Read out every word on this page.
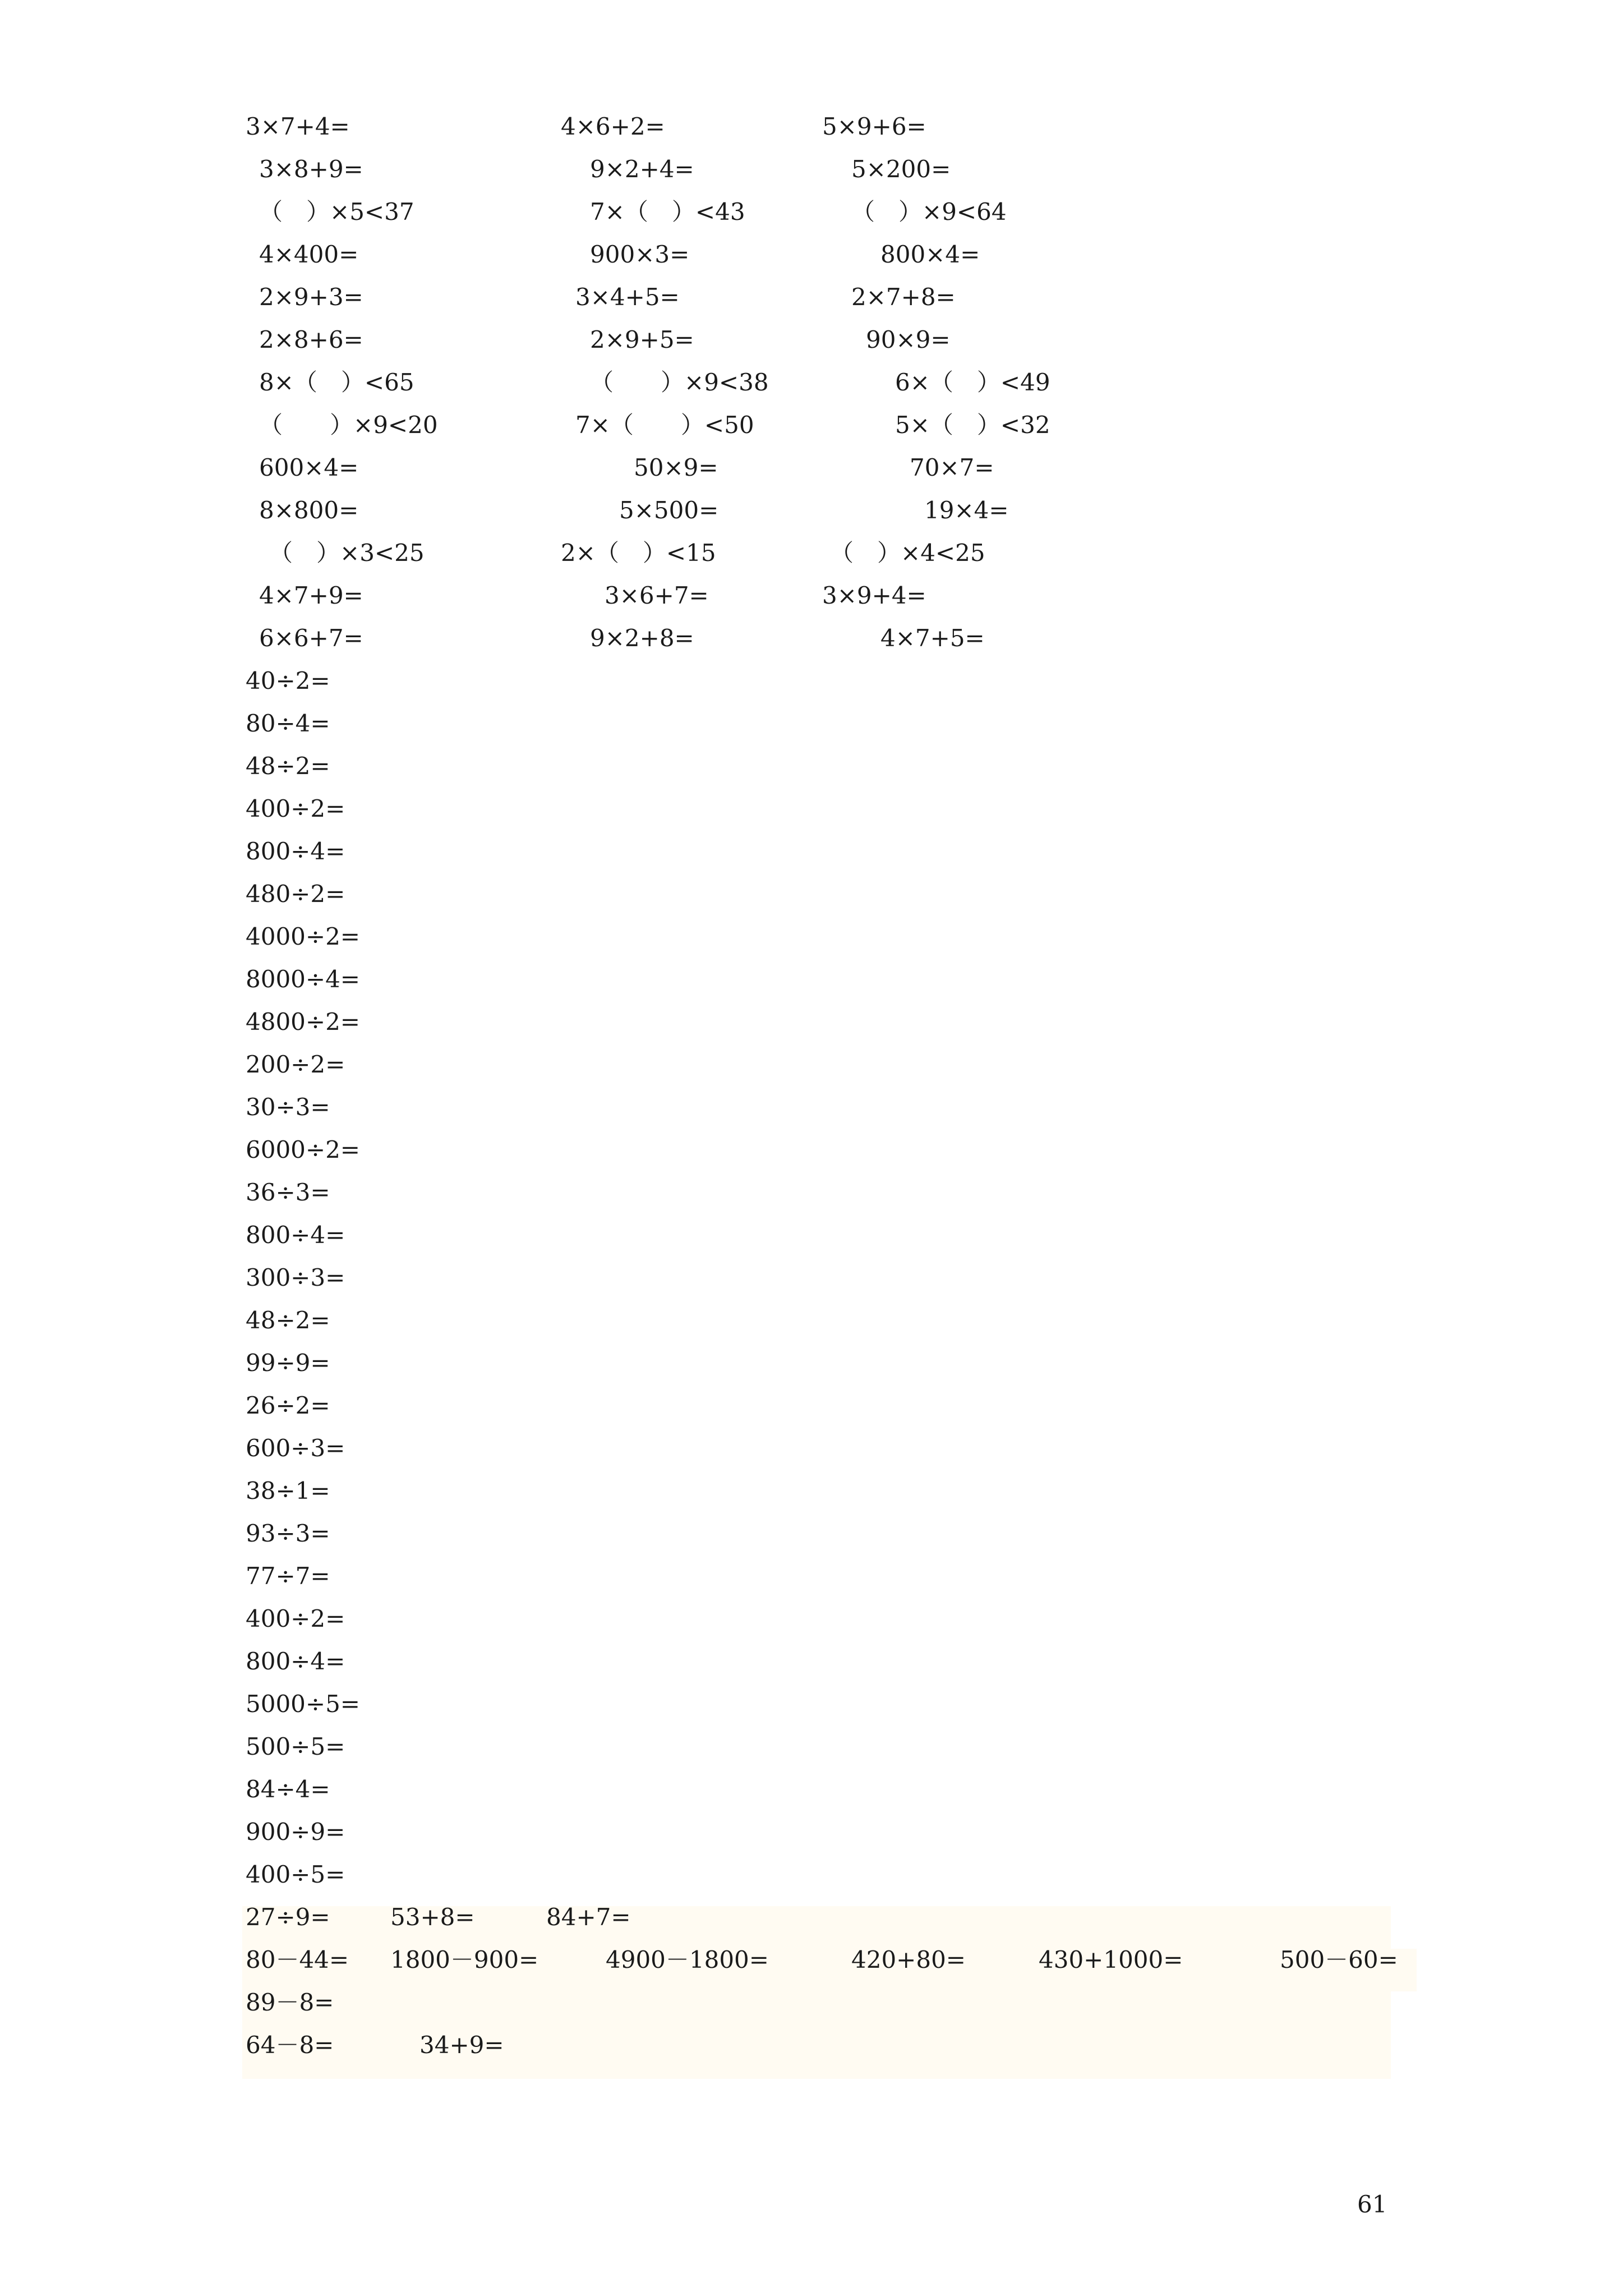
3×7+4=	4×6+2=	5×9+6=
3×8+9=	9×2+4=	5×200=
（　）×5<37	7×（　）<43	（　）×9<64
4×400=	900×3=	800×4=
2×9+3=	3×4+5=	2×7+8=
2×8+6=	2×9+5=	90×9=
8×（　）<65	（　　）×9<38	6×（　）<49
（　　）×9<20	7×（　　）<50	5×（　）<32
600×4=	50×9=	70×7=
8×800=	5×500=	19×4=
（　）×3<25	2×（　）<15	（　）×4<25
4×7+9=	3×6+7=	3×9+4=
6×6+7=	9×2+8=	4×7+5=
40÷2=
80÷4=
48÷2=
400÷2=
800÷4=
480÷2=
4000÷2=
8000÷4=
4800÷2=
200÷2=
30÷3=
6000÷2=
36÷3=
800÷4=
300÷3=
48÷2=
99÷9=
26÷2=
600÷3=
38÷1=
93÷3=
77÷7=
400÷2=
800÷4=
5000÷5=
500÷5=
84÷4=
900÷9=
400÷5=
27÷9=	53+8=	84+7=
80－44= 1800－900=	4900－1800=	420+80=	430+1000=	500－60=
89－8=
64－8=	34+9=
61
